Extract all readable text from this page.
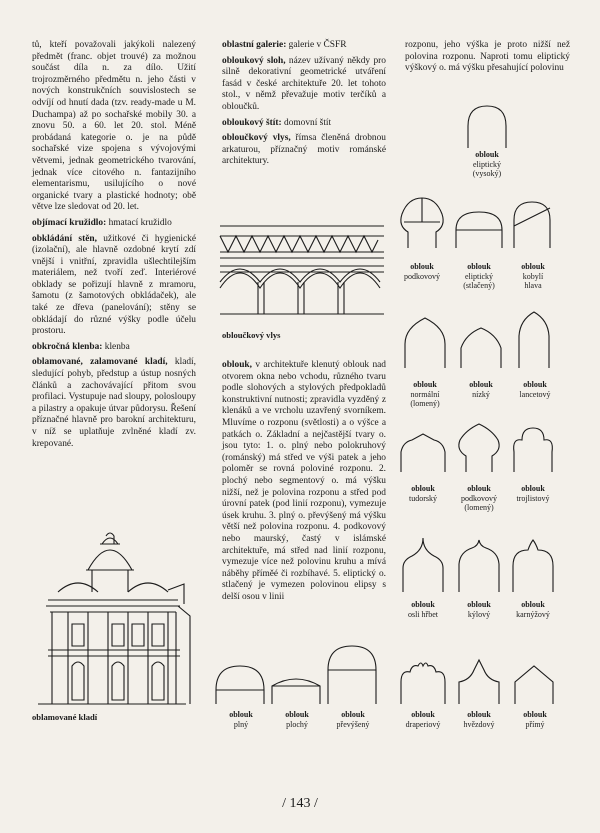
tů, kteří považovali jakýkoli nalezený předmět (franc. objet trouvé) za možnou součást díla n. za dílo. Užití trojrozměrného předmětu n. jeho části v nových konstrukčních souvislostech se odvíjí od hnutí dada (tzv. ready-made u M. Duchampa) až po sochařské mobily 30. a znovu 50. a 60. let 20. stol. Méně probádaná kategorie o. je na půdě sochařské vize spojena s vývojovými větvemi, jednak geometrického tvarování, jednak více citového n. fantazijního elementarismu, usilujícího o nové organické tvary a plastické hodnoty; obě větve lze sledovat od 20. let.

objímací kružidlo: hmatací kružidlo

obkládání stěn, užitkové či hygienické (izolační), ale hlavně ozdobné krytí zdí vnější i vnitřní, zpravidla ušlechtilejším materiálem, než tvoří zeď. Interiérové obklady se pořizují hlavně z mramoru, šamotu (z šamotových obkládaček), ale také ze dřeva (panelování); stěny se obkládají do různé výšky podle účelu prostoru.

obkročná klenba: klenba

oblamované, zalamované kladí, kladí, sledující pohyb, předstup a ústup nosných článků a zachovávající přitom svou profilaci. Vystupuje nad sloupy, polosloupy a pilastry a opakuje útvar půdorysu. Řešení příznačné hlavně pro barokní architekturu, v níž se uplatňuje zvlněné kladí zv. krepované.

oblamované kladí

oblastní galerie: galerie v ČSFR

obloukový sloh, název užívaný někdy pro silně dekorativní geometrické utváření fasád v české architektuře 20. let tohoto stol., v němž převažuje motiv terčíků a obloučků.

obloukový štít: domovní štít

obloučkový vlys, římsa členěná drobnou arkaturou, příznačný motiv románské architektury.

obloučkový vlys

oblouk, v architektuře klenutý oblouk nad otvorem okna nebo vchodu, různého tvaru podle slohových a stylových předpokladů konstruktivní nutnosti; zpravidla vyzděný z klenáků a ve vrcholu uzavřený svorníkem. Mluvíme o rozponu (světlosti) a o výšce a patkách o. Základní a nejčastější tvary o. jsou tyto: 1. o. plný nebo polokruhový (románský) má střed ve výši patek a jeho poloměr se rovná poloviné rozponu. 2. plochý nebo segmentový o. má výšku nižší, než je polovina rozponu a střed pod úrovní patek (pod linií rozponu), vymezuje úsek kruhu. 3. plný o. převýšený má výšku větší než polovina rozponu. 4. podkovový nebo maurský, častý v islámské architektuře, má střed nad linií rozponu, vymezuje více než polovinu kruhu a mívá náběhy příměé či rozbíhavé. 5. eliptický o. stlačený je vymezen polovinou elipsy s delší osou v linii

rozponu, jeho výška je proto nižší než polovina rozponu. Naproti tomu eliptický výškový o. má výšku přesahující polovinu

oblouk
eliptický
(vysoký)
oblouk
podkovový
oblouk
eliptický
(stlačený)
oblouk
kobylí
hlava
oblouk
normální
(lomený)
oblouk
nízký
oblouk
lancetový
oblouk
tudorský
oblouk
podkovový
(lomený)
oblouk
trojlistový
oblouk
osli hřbet
oblouk
kýlový
oblouk
karnýžový
oblouk
plný
oblouk
plochý
oblouk
převýšený
oblouk
draperiový
oblouk
hvězdový
oblouk
přímý
/ 143 /
